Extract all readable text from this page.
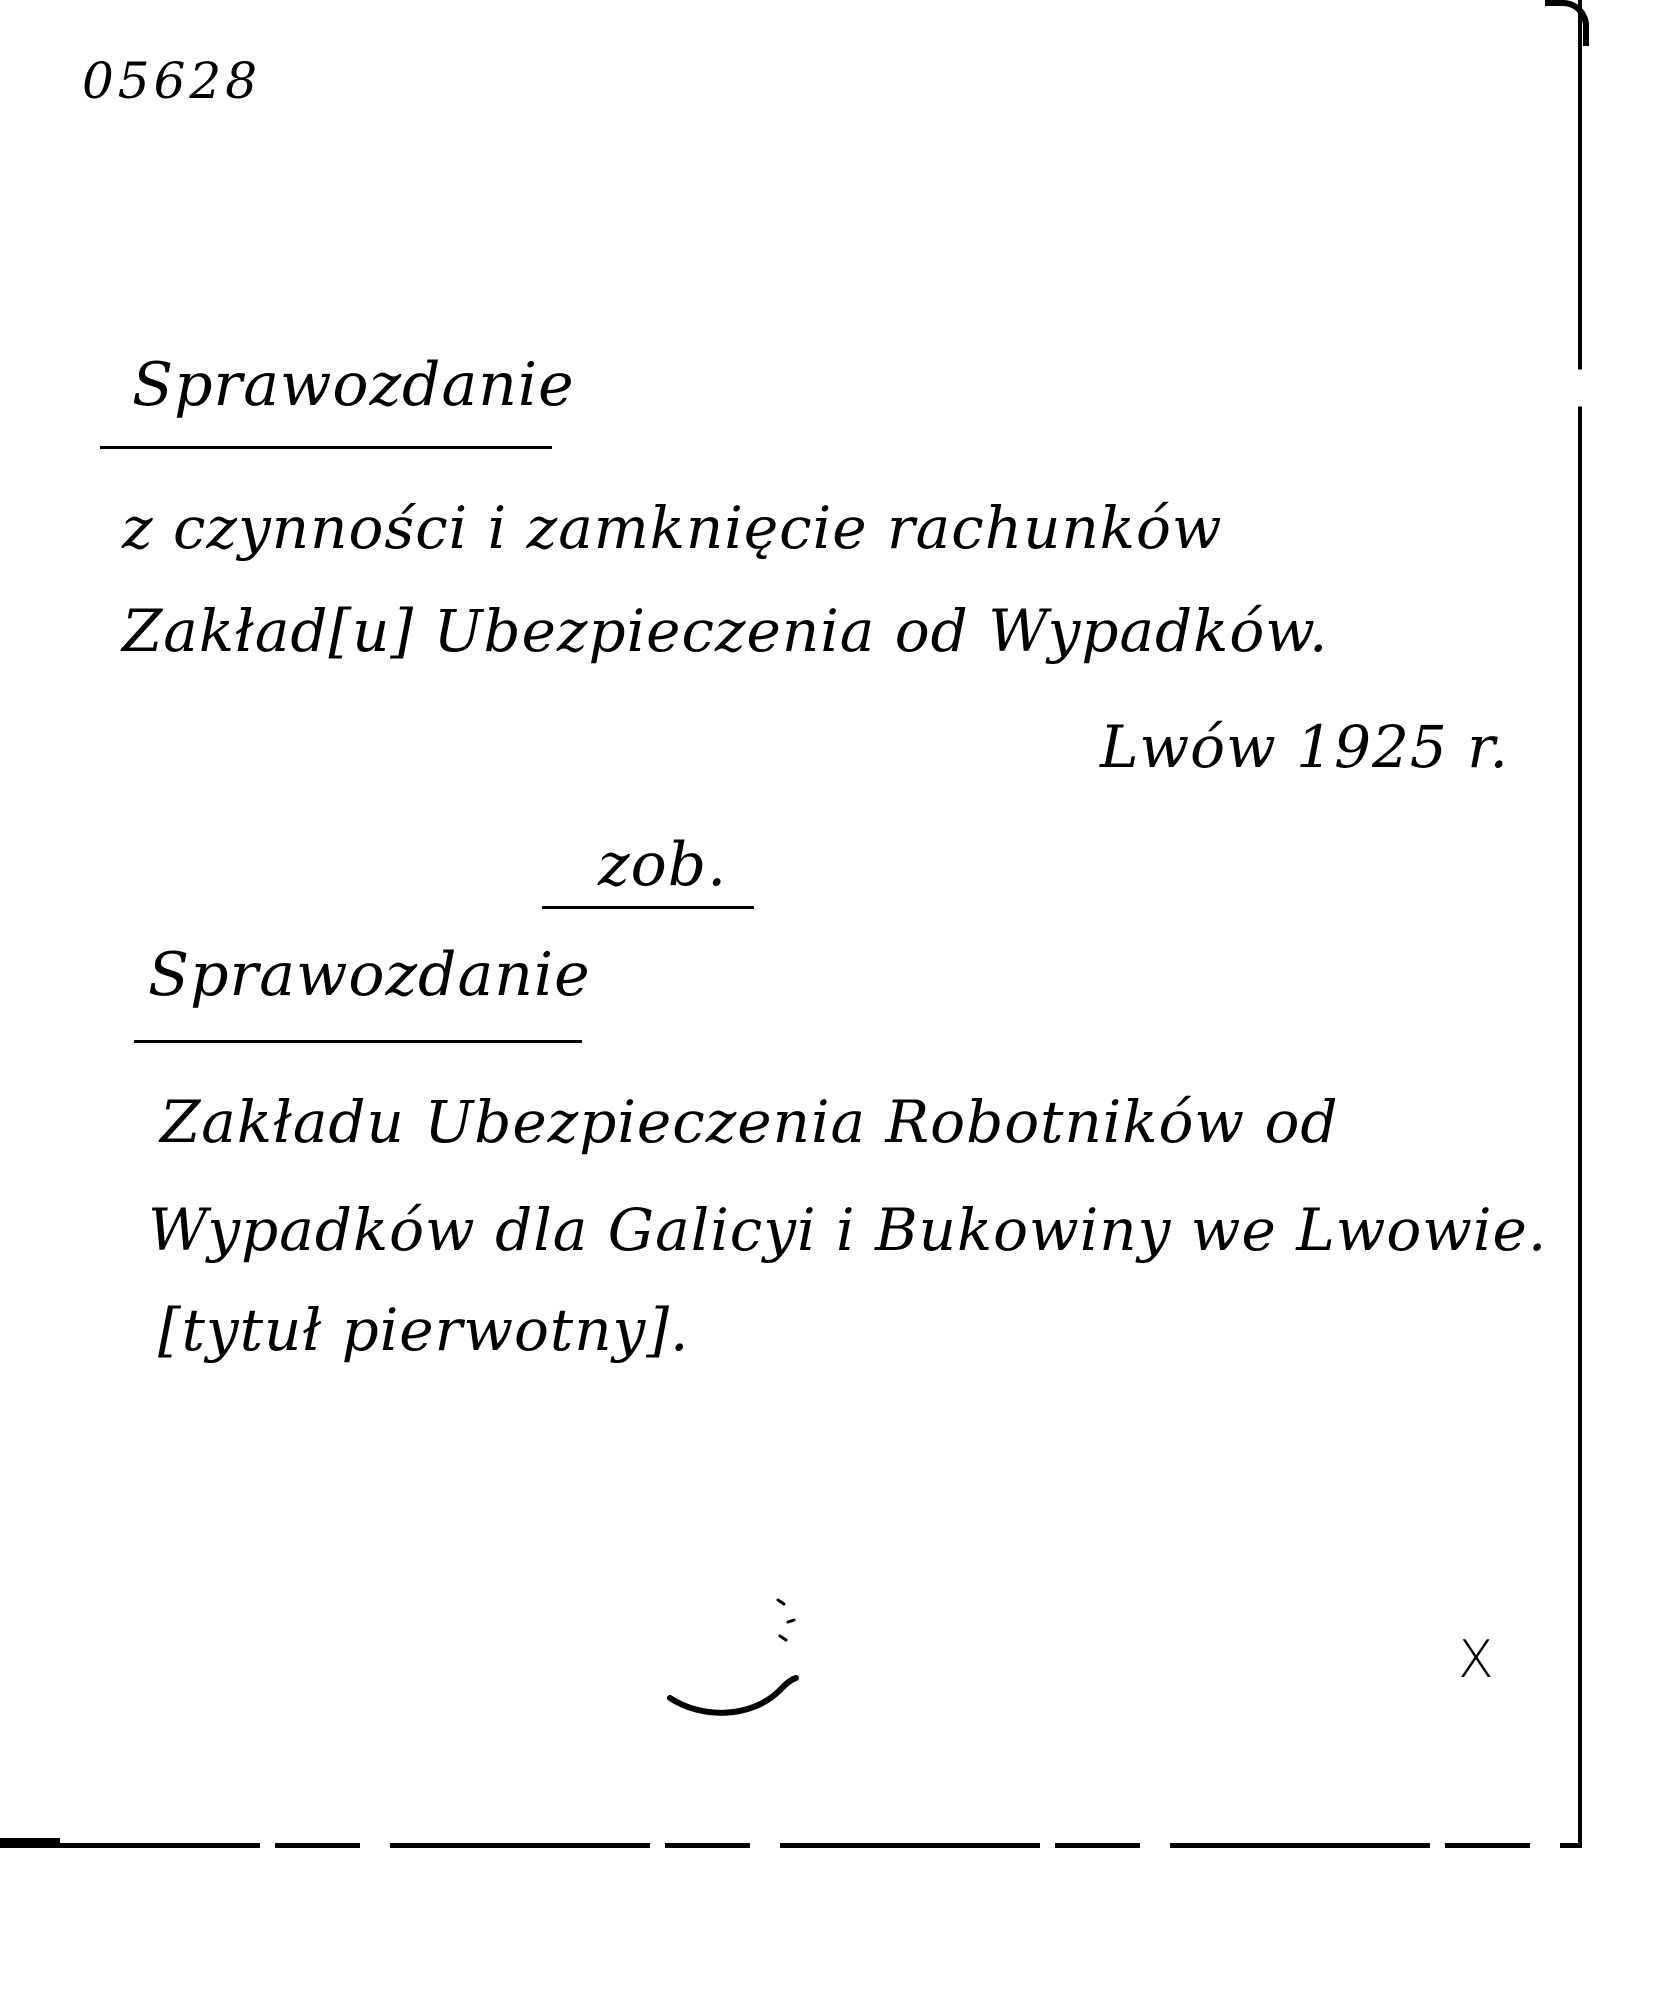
05628
Sprawozdanie
z czynności i zamknięcie rachunków
Zakład[u] Ubezpieczenia od Wypadków.
Lwów 1925 r.
zob.
Sprawozdanie
Zakładu Ubezpieczenia Robotników od
Wypadków dla Galicyi i Bukowiny we Lwowie.
[tytuł pierwotny].
X
